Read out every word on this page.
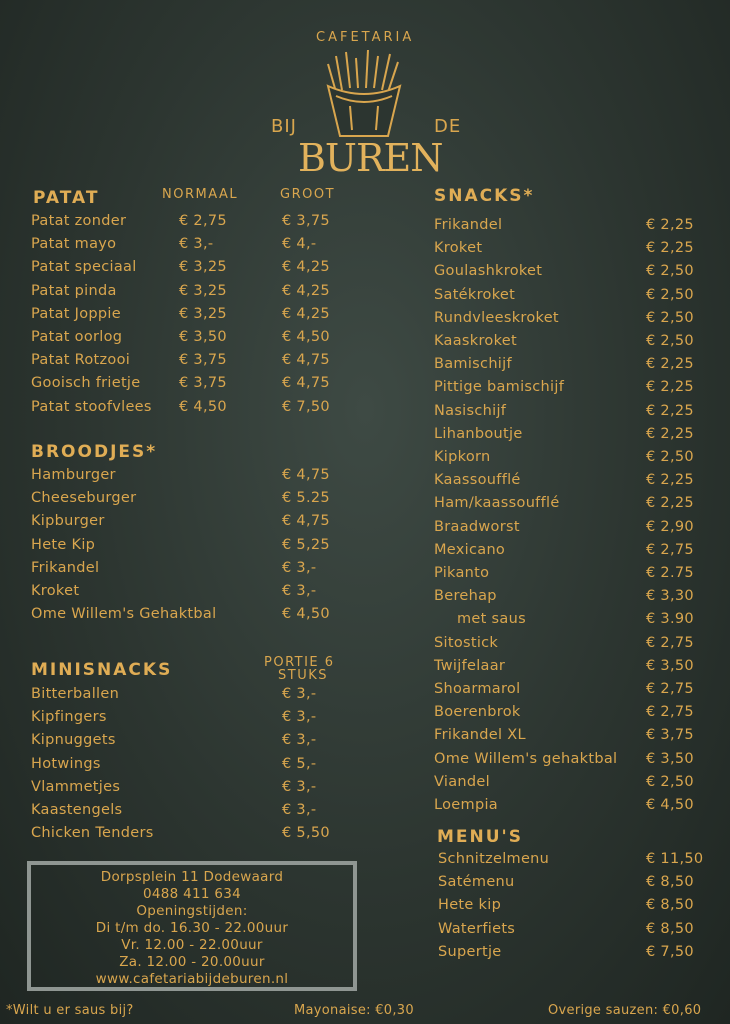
CAFETARIA
BIJ	DE
BUREN
PATAT	NORMAAL	GROOT
Patat zonder	€ 2,75	€ 3,75
Patat mayo	€ 3,-	€ 4,-
Patat speciaal	€ 3,25	€ 4,25
Patat pinda	€ 3,25	€ 4,25
Patat Joppie	€ 3,25	€ 4,25
Patat oorlog	€ 3,50	€ 4,50
Patat Rotzooi	€ 3,75	€ 4,75
Gooisch frietje	€ 3,75	€ 4,75
Patat stoofvlees € 4,50	€ 7,50
BROODJES*
Hamburger	€ 4,75
Cheeseburger	€ 5.25
Kipburger	€ 4,75
Hete Kip	€ 5,25
Frikandel	€ 3,-
Kroket	€ 3,-
Ome Willem's Gehaktbal	€ 4,50
MINISNACKS	PORTIE 6
STUKS
Bitterballen	€ 3,-
Kipfingers	€ 3,-
Kipnuggets	€ 3,-
Hotwings	€ 5,-
Vlammetjes	€ 3,-
Kaastengels	€ 3,-
Chicken Tenders	€ 5,50
SNACKS*
Frikandel	€ 2,25
Kroket	€ 2,25
Goulashkroket	€ 2,50
Satékroket	€ 2,50
Rundvleeskroket	€ 2,50
Kaaskroket	€ 2,50
Bamischijf	€ 2,25
Pittige bamischijf	€ 2,25
Nasischijf	€ 2,25
Lihanboutje	€ 2,25
Kipkorn	€ 2,50
Kaassoufflé	€ 2,25
Ham/kaassoufflé	€ 2,25
Braadworst	€ 2,90
Mexicano	€ 2,75
Pikanto	€ 2.75
Berehap	€ 3,30
met saus	€ 3.90
Sitostick	€ 2,75
Twijfelaar	€ 3,50
Shoarmarol	€ 2,75
Boerenbrok	€ 2,75
Frikandel XL	€ 3,75
Ome Willem's gehaktbal € 3,50
Viandel	€ 2,50
Loempia	€ 4,50
MENU'S
Schnitzelmenu	€ 11,50
Satémenu	€ 8,50
Hete kip	€ 8,50
Waterfiets	€ 8,50
Supertje	€ 7,50
Dorpsplein 11 Dodewaard
0488 411 634
Openingstijden:
Di t/m do. 16.30 - 22.00uur
Vr. 12.00 - 22.00uur
Za. 12.00 - 20.00uur
www.cafetariabijdeburen.nl
*Wilt u er saus bij?	Mayonaise: €0,30	Overige sauzen: €0,60
